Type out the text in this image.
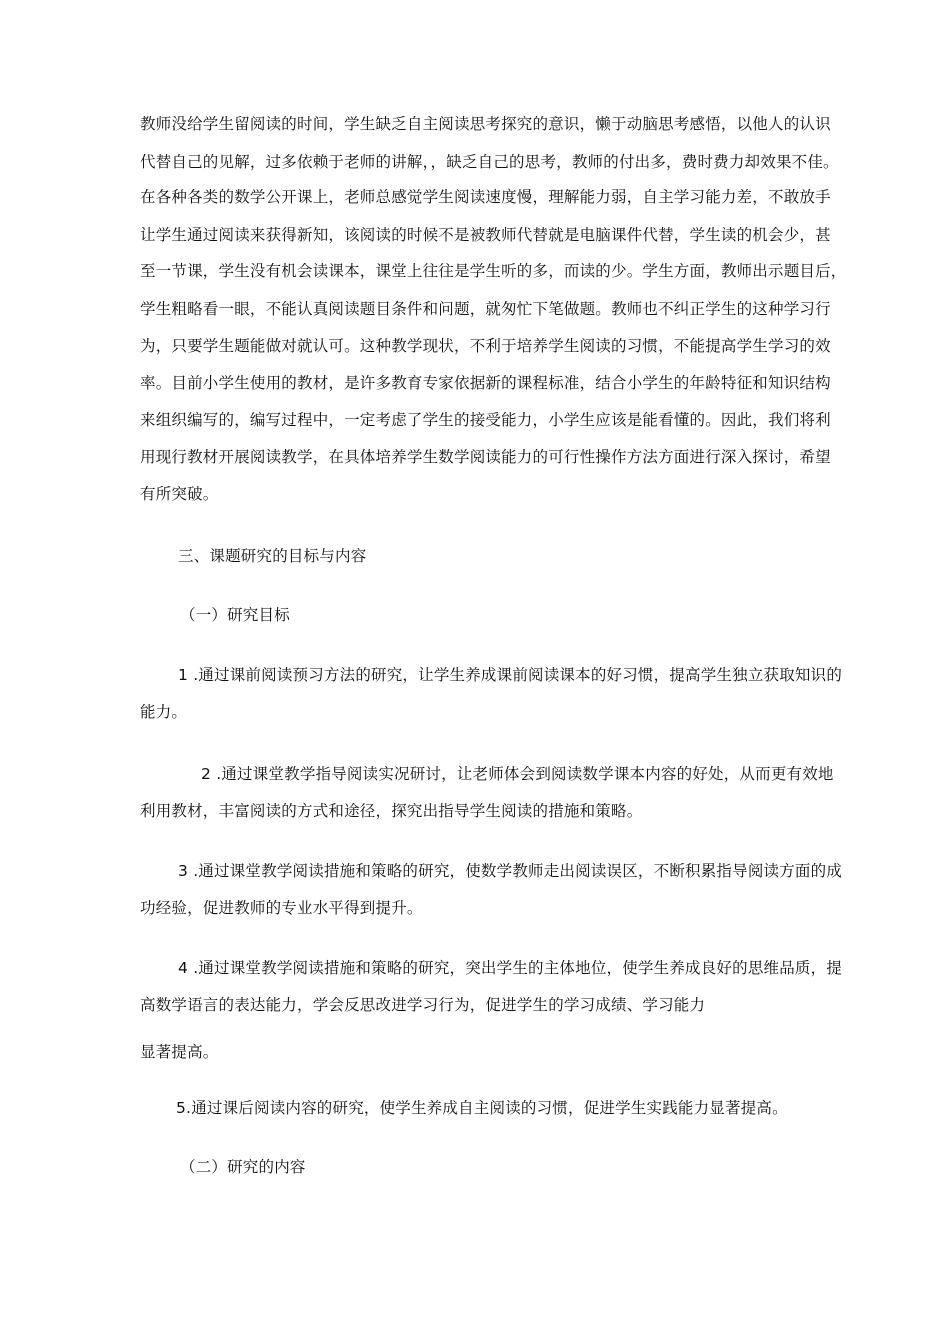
教师没给学生留阅读的时间，学生缺乏自主阅读思考探究的意识，懒于动脑思考感悟，以他人的认识
代替自己的见解，过多依赖于老师的讲解，，缺乏自己的思考，教师的付出多，费时费力却效果不佳。
在各种各类的数学公开课上，老师总感觉学生阅读速度慢，理解能力弱，自主学习能力差，不敢放手
让学生通过阅读来获得新知，该阅读的时候不是被教师代替就是电脑课件代替，学生读的机会少，甚
至一节课，学生没有机会读课本，课堂上往往是学生听的多，而读的少。学生方面，教师出示题目后，
学生粗略看一眼，不能认真阅读题目条件和问题，就匆忙下笔做题。教师也不纠正学生的这种学习行
为，只要学生题能做对就认可。这种教学现状，不利于培养学生阅读的习惯，不能提高学生学习的效
率。目前小学生使用的教材，是许多教育专家依据新的课程标准，结合小学生的年龄特征和知识结构
来组织编写的，编写过程中，一定考虑了学生的接受能力，小学生应该是能看懂的。因此，我们将利
用现行教材开展阅读教学，在具体培养学生数学阅读能力的可行性操作方法方面进行深入探讨，希望
有所突破。
三、课题研究的目标与内容
（一）研究目标
1 .通过课前阅读预习方法的研究，让学生养成课前阅读课本的好习惯，提高学生独立获取知识的
能力。
2 .通过课堂教学指导阅读实况研讨，让老师体会到阅读数学课本内容的好处，从而更有效地
利用教材，丰富阅读的方式和途径，探究出指导学生阅读的措施和策略。
3 .通过课堂教学阅读措施和策略的研究，使数学教师走出阅读误区，不断积累指导阅读方面的成
功经验，促进教师的专业水平得到提升。
4 .通过课堂教学阅读措施和策略的研究，突出学生的主体地位，使学生养成良好的思维品质，提
高数学语言的表达能力，学会反思改进学习行为，促进学生的学习成绩、学习能力
显著提高。
5.通过课后阅读内容的研究，使学生养成自主阅读的习惯，促进学生实践能力显著提高。
（二）研究的内容
